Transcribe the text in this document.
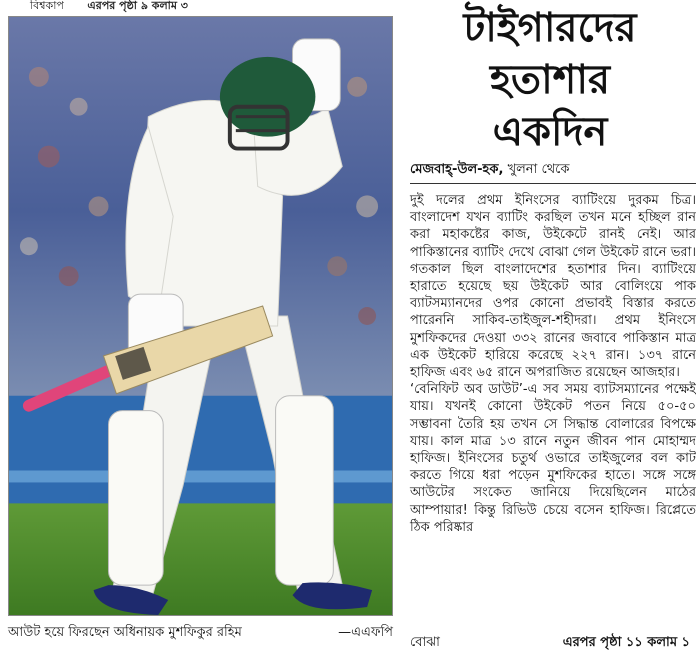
বিশ্বকাপ এরপর পৃষ্ঠা ৯ কলাম ৩
আউট হয়ে ফিরছেন অধিনায়ক মুশফিকুর রহিম	—এএফপি
টাইগারদের
হতাশার
একদিন
মেজবাহ্-উল-হক, খুলনা থেকে

দুই দলের প্রথম ইনিংসের ব্যাটিংয়ে দুরকম চিত্র। বাংলাদেশ যখন ব্যাটিং করছিল তখন মনে হচ্ছিল রান করা মহাকষ্টের কাজ, উইকেটে রানই নেই। আর পাকিস্তানের ব্যাটিং দেখে বোঝা গেল উইকেট রানে ভরা। গতকাল ছিল বাংলাদেশের হতাশার দিন। ব্যাটিংয়ে হারাতে হয়েছে ছয় উইকেট আর বোলিংয়ে পাক ব্যাটসম্যানদের ওপর কোনো প্রভাবই বিস্তার করতে পারেননি সাকিব-তাইজুল-শহীদরা। প্রথম ইনিংসে মুশফিকদের দেওয়া ৩৩২ রানের জবাবে পাকিস্তান মাত্র এক উইকেট হারিয়ে করেছে ২২৭ রান। ১৩৭ রানে হাফিজ এবং ৬৫ রানে অপরাজিত রয়েছেন আজহার।

‘বেনিফিট অব ডাউট’-এ সব সময় ব্যাটসম্যানের পক্ষেই যায়। যখনই কোনো উইকেট পতন নিয়ে ৫০-৫০ সম্ভাবনা তৈরি হয় তখন সে সিদ্ধান্ত বোলারের বিপক্ষে যায়। কাল মাত্র ১৩ রানে নতুন জীবন পান মোহাম্মদ হাফিজ। ইনিংসের চতুর্থ ওভারে তাইজুলের বল কাট করতে গিয়ে ধরা পড়েন মুশফিকের হাতে। সঙ্গে সঙ্গে আউটের সংকেত জানিয়ে দিয়েছিলেন মাঠের আম্পায়ার! কিন্তু রিভিউ চেয়ে বসেন হাফিজ। রিপ্লেতে ঠিক পরিষ্কার

বোঝা	এরপর পৃষ্ঠা ১১ কলাম ১
